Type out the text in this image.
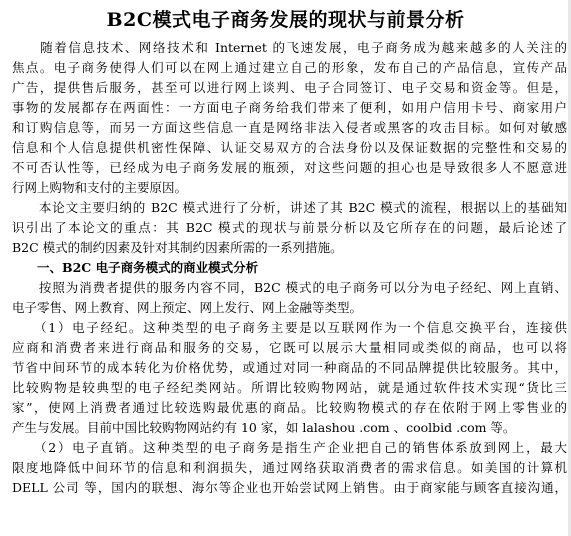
B2C模式电子商务发展的现状与前景分析
　　随着信息技术、网络技术和 Internet 的飞速发展，电子商务成为越来越多的人关注的
焦点。电子商务使得人们可以在网上通过建立自己的形象，发布自己的产品信息，宣传产品
广告，提供售后服务，甚至可以进行网上谈判、电子合同签订、电子交易和资金等。但是，
事物的发展都存在两面性：一方面电子商务给我们带来了便利，如用户信用卡号、商家用户
和订购信息等，而另一方面这些信息一直是网络非法入侵者或黑客的攻击目标。如何对敏感
信息和个人信息提供机密性保障、认证交易双方的合法身份以及保证数据的完整性和交易的
不可否认性等，已经成为电子商务发展的瓶颈，对这些问题的担心也是导致很多人不愿意进
行网上购物和支付的主要原因。
　　本论文主要归纳的 B2C 模式进行了分析，讲述了其 B2C 模式的流程，根据以上的基础知
识引出了本论文的重点：其 B2C 模式的现状与前景分析以及它所存在的问题，最后论述了
B2C 模式的制约因素及针对其制约因素所需的一系列措施。
　　一、B2C 电子商务模式的商业模式分析
　　按照为消费者提供的服务内容不同，B2C 模式的电子商务可以分为电子经纪、网上直销、
电子零售、网上教育、网上预定、网上发行、网上金融等类型。
　　（1）电子经纪。这种类型的电子商务主要是以互联网作为一个信息交换平台，连接供
应商和消费者来进行商品和服务的交易，它既可以展示大量相同或类似的商品，也可以将
节省中间环节的成本转化为价格优势，或通过对同一种商品的不同品牌提供比较服务。其中，
比较购物是较典型的电子经纪类网站。所谓比较购物网站，就是通过软件技术实现“货比三
家”，使网上消费者通过比较选购最优惠的商品。比较购物模式的存在依附于网上零售业的
产生与发展。目前中国比较购物网站约有 10 家，如 lalashou .com 、coolbid .com 等。
　　（2）电子直销。这种类型的电子商务是指生产企业把自己的销售体系放到网上，最大
限度地降低中间环节的信息和利润损失，通过网络获取消费者的需求信息。如美国的计算机
DELL 公司 等，国内的联想、海尔等企业也开始尝试网上销售。由于商家能与顾客直接沟通，
